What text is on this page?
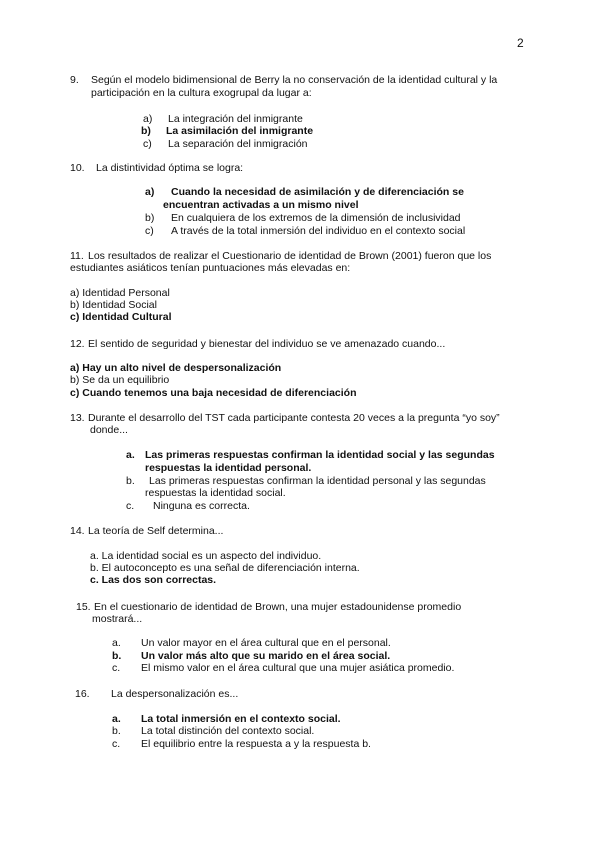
2
9. Según el modelo bidimensional de Berry la no conservación de la identidad cultural y la
participación en la cultura exogrupal da lugar a:
a) La integración del inmigrante
b) La asimilación del inmigrante
c) La separación del inmigración
10. La distintividad óptima se logra:
a) Cuando la necesidad de asimilación y de diferenciación se
encuentran activadas a un mismo nivel
b) En cualquiera de los extremos de la dimensión de inclusividad
c) A través de la total inmersión del individuo en el contexto social
11. Los resultados de realizar el Cuestionario de identidad de Brown (2001) fueron que los
estudiantes asiáticos tenían puntuaciones más elevadas en:
a) Identidad Personal
b) Identidad Social
c) Identidad Cultural
12. El sentido de seguridad y bienestar del individuo se ve amenazado cuando...
a) Hay un alto nivel de despersonalización
b) Se da un equilibrio
c) Cuando tenemos una baja necesidad de diferenciación
13. Durante el desarrollo del TST cada participante contesta 20 veces a la pregunta “yo soy”
donde...
a. Las primeras respuestas confirman la identidad social y las segundas
respuestas la identidad personal.
b. Las primeras respuestas confirman la identidad personal y las segundas
respuestas la identidad social.
c. Ninguna es correcta.
14. La teoría de Self determina...
a. La identidad social es un aspecto del individuo.
b. El autoconcepto es una señal de diferenciación interna.
c. Las dos son correctas.
15. En el cuestionario de identidad de Brown, una mujer estadounidense promedio
mostrará...
a. Un valor mayor en el área cultural que en el personal.
b. Un valor más alto que su marido en el área social.
c. El mismo valor en el área cultural que una mujer asiática promedio.
16. La despersonalización es...
a. La total inmersión en el contexto social.
b. La total distinción del contexto social.
c. El equilibrio entre la respuesta a y la respuesta b.
